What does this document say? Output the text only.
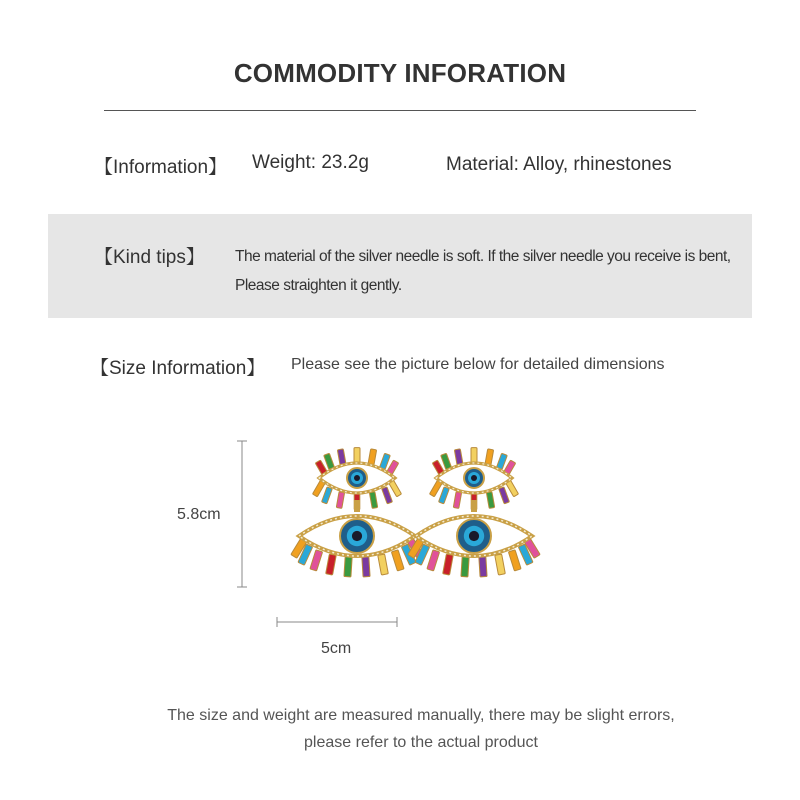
COMMODITY INFORATION
【Information】 Weight: 23.2g	Material: Alloy, rhinestones
【Kind tips】 The material of the silver needle is soft. If the silver needle you receive is bent,
Please straighten it gently.
【Size Information】 Please see the picture below for detailed dimensions
5.8cm
5cm
The size and weight are measured manually, there may be slight errors,
please refer to the actual product
